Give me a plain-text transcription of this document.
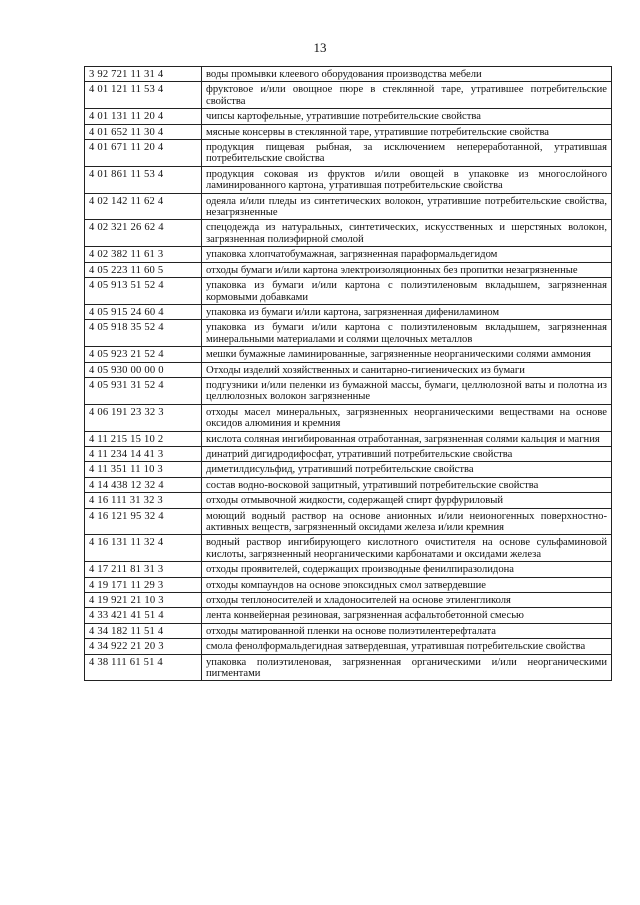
13
3 92 721 11 31 4	воды промывки клеевого оборудования производства мебели
4 01 121 11 53 4	фруктовое и/или овощное пюре в стеклянной таре, утратившее потребительские свойства
4 01 131 11 20 4	чипсы картофельные, утратившие потребительские свойства
4 01 652 11 30 4	мясные консервы в стеклянной таре, утратившие потребительские свойства
4 01 671 11 20 4	продукция пищевая рыбная, за исключением непереработанной, утратившая потребительские свойства
4 01 861 11 53 4	продукция соковая из фруктов и/или овощей в упаковке из многослойного ламинированного картона, утратившая потребительские свойства
4 02 142 11 62 4	одеяла и/или пледы из синтетических волокон, утратившие потребительские свойства, незагрязненные
4 02 321 26 62 4	спецодежда из натуральных, синтетических, искусственных и шерстяных волокон, загрязненная полиэфирной смолой
4 02 382 11 61 3	упаковка хлопчатобумажная, загрязненная параформальдегидом
4 05 223 11 60 5	отходы бумаги и/или картона электроизоляционных без пропитки незагрязненные
4 05 913 51 52 4	упаковка из бумаги и/или картона с полиэтиленовым вкладышем, загрязненная кормовыми добавками
4 05 915 24 60 4	упаковка из бумаги и/или картона, загрязненная дифениламином
4 05 918 35 52 4	упаковка из бумаги и/или картона с полиэтиленовым вкладышем, загрязненная минеральными материалами и солями щелочных металлов
4 05 923 21 52 4	мешки бумажные ламинированные, загрязненные неорганическими солями аммония
4 05 930 00 00 0	Отходы изделий хозяйственных и санитарно-гигиенических из бумаги
4 05 931 31 52 4	подгузники и/или пеленки из бумажной массы, бумаги, целлюлозной ваты и полотна из целлюлозных волокон загрязненные
4 06 191 23 32 3	отходы масел минеральных, загрязненных неорганическими веществами на основе оксидов алюминия и кремния
4 11 215 15 10 2	кислота соляная ингибированная отработанная, загрязненная солями кальция и магния
4 11 234 14 41 3	динатрий дигидродифосфат, утративший потребительские свойства
4 11 351 11 10 3	диметилдисульфид, утративший потребительские свойства
4 14 438 12 32 4	состав водно-восковой защитный, утративший потребительские свойства
4 16 111 31 32 3	отходы отмывочной жидкости, содержащей спирт фурфуриловый
4 16 121 95 32 4	моющий водный раствор на основе анионных и/или неионогенных поверхностно-активных веществ, загрязненный оксидами железа и/или кремния
4 16 131 11 32 4	водный раствор ингибирующего кислотного очистителя на основе сульфаминовой кислоты, загрязненный неорганическими карбонатами и оксидами железа
4 17 211 81 31 3	отходы проявителей, содержащих производные фенилпиразолидона
4 19 171 11 29 3	отходы компаундов на основе эпоксидных смол затвердевшие
4 19 921 21 10 3	отходы теплоносителей и хладоносителей на основе этиленгликоля
4 33 421 41 51 4	лента конвейерная резиновая, загрязненная асфальтобетонной смесью
4 34 182 11 51 4	отходы матированной пленки на основе полиэтилентерефталата
4 34 922 21 20 3	смола фенолформальдегидная затвердевшая, утратившая потребительские свойства
4 38 111 61 51 4	упаковка полиэтиленовая, загрязненная органическими и/или неорганическими пигментами
